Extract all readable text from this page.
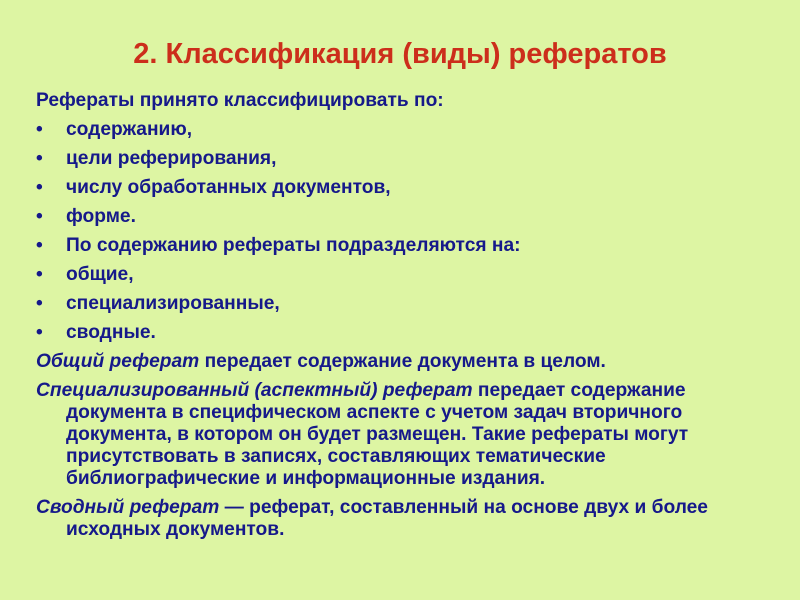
2. Классификация (виды) рефератов

Рефераты принято классифицировать по:

•	содержанию,
•	цели реферирования,
•	числу обработанных документов,
•	форме.
•	По содержанию рефераты подразделяются на:
•	общие,
•	специализированные,
•	сводные.

Общий реферат передает содержание документа в целом.

Специализированный (аспектный) реферат передает содержание документа в специфическом аспекте с учетом задач вторичного документа, в котором он будет размещен. Такие рефераты могут присутствовать в записях, составляющих тематические библиографические и информационные издания.

Сводный реферат — реферат, составленный на основе двух и более исходных документов.
